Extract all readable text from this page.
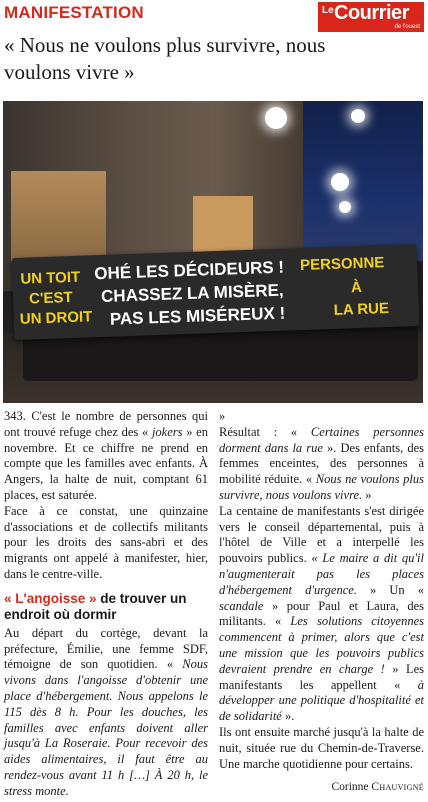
MANIFESTATION	Le Courrier
de l'ouest
« Nous ne voulons plus survivre, nous voulons vivre »
UN TOIT
C'EST
UN DROIT
OHÉ LES DÉCIDEURS !
CHASSEZ LA MISÈRE,
PAS LES MISÉREUX !
PERSONNE
À
LA RUE

343. C'est le nombre de personnes qui ont trouvé refuge chez des « jokers » en novembre. Et ce chiffre ne prend en compte que les familles avec enfants. À Angers, la halte de nuit, comptant 61 places, est saturée.

Face à ce constat, une quinzaine d'associations et de collectifs militants pour les droits des sans-abri et des migrants ont appelé à manifester, hier, dans le centre-ville.

« L'angoisse » de trouver un endroit où dormir

Au départ du cortège, devant la préfecture, Émilie, une femme SDF, témoigne de son quotidien. « Nous vivons dans l'angoisse d'obtenir une place d'hébergement. Nous appelons le 115 dès 8 h. Pour les douches, les familles avec enfants doivent aller jusqu'à La Roseraie. Pour recevoir des aides alimentaires, il faut être au rendez-vous avant 11 h […] À 20 h, le stress monte.

»

Résultat : « Certaines personnes dorment dans la rue ». Des enfants, des femmes enceintes, des personnes à mobilité réduite. « Nous ne voulons plus survivre, nous voulons vivre. »

La centaine de manifestants s'est dirigée vers le conseil départemental, puis à l'hôtel de Ville et a interpellé les pouvoirs publics. « Le maire a dit qu'il n'augmenterait pas les places d'hébergement d'urgence. » Un « scandale » pour Paul et Laura, des militants. « Les solutions citoyennes commencent à primer, alors que c'est une mission que les pouvoirs publics devraient prendre en charge ! » Les manifestants les appellent « à développer une politique d'hospitalité et de solidarité ».

Ils ont ensuite marché jusqu'à la halte de nuit, située rue du Chemin-de-Traverse. Une marche quotidienne pour certains.

Corinne Chauvigné
